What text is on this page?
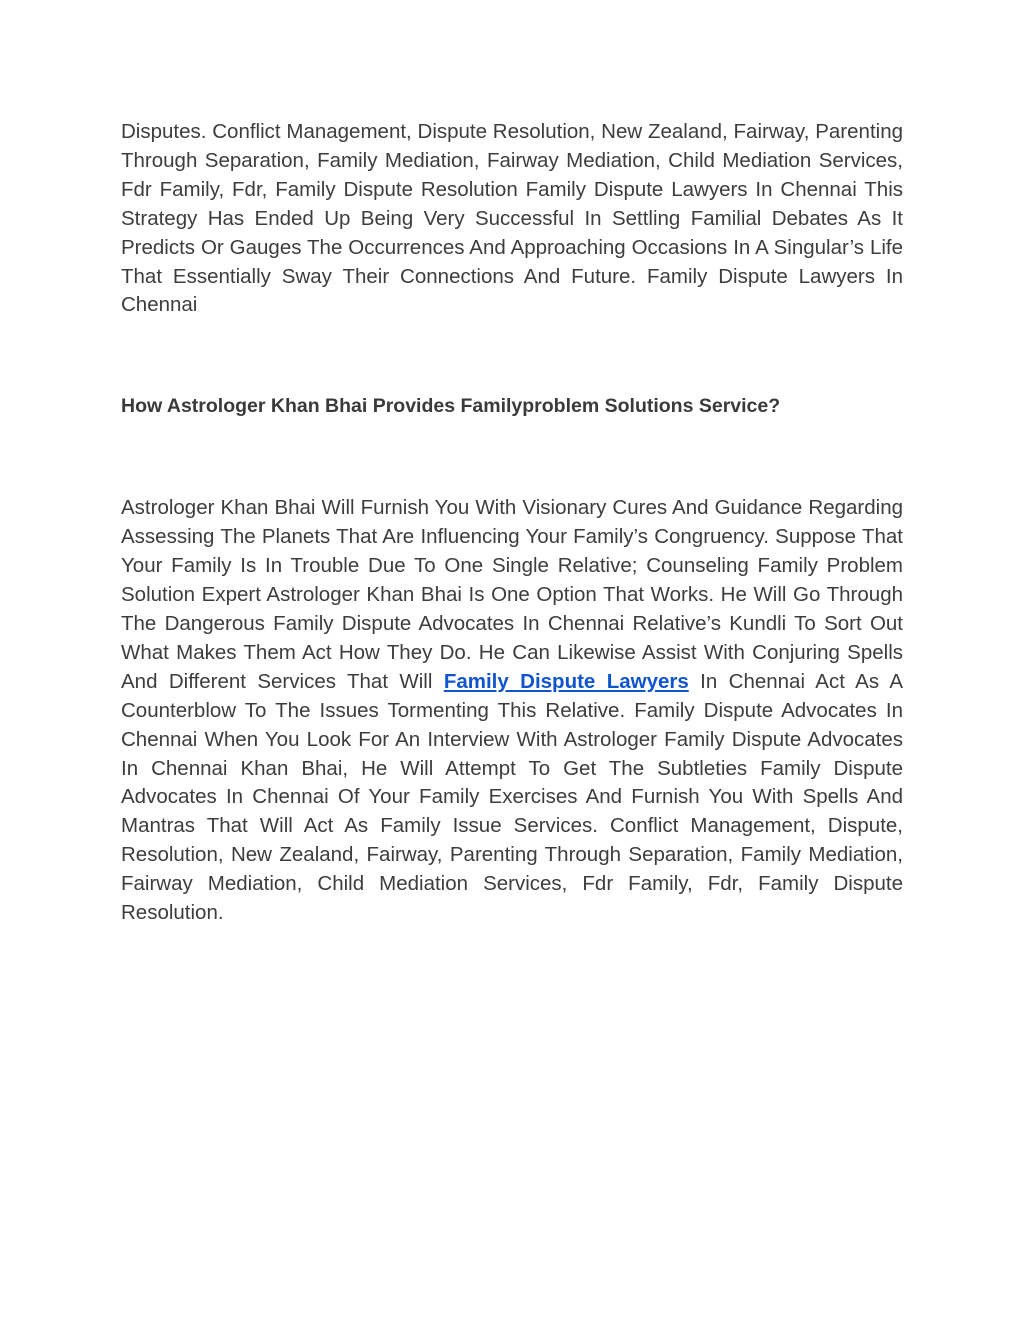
Disputes. Conflict Management, Dispute Resolution, New Zealand, Fairway, Parenting Through Separation, Family Mediation, Fairway Mediation, Child Mediation Services, Fdr Family, Fdr, Family Dispute Resolution Family Dispute Lawyers In Chennai This Strategy Has Ended Up Being Very Successful In Settling Familial Debates As It Predicts Or Gauges The Occurrences And Approaching Occasions In A Singular’s Life That Essentially Sway Their Connections And Future. Family Dispute Lawyers In Chennai

How Astrologer Khan Bhai Provides Familyproblem Solutions Service?

Astrologer Khan Bhai Will Furnish You With Visionary Cures And Guidance Regarding Assessing The Planets That Are Influencing Your Family’s Congruency. Suppose That Your Family Is In Trouble Due To One Single Relative; Counseling Family Problem Solution Expert Astrologer Khan Bhai Is One Option That Works. He Will Go Through The Dangerous Family Dispute Advocates In Chennai Relative’s Kundli To Sort Out What Makes Them Act How They Do. He Can Likewise Assist With Conjuring Spells And Different Services That Will Family Dispute Lawyers In Chennai Act As A Counterblow To The Issues Tormenting This Relative. Family Dispute Advocates In Chennai When You Look For An Interview With Astrologer Family Dispute Advocates In Chennai Khan Bhai, He Will Attempt To Get The Subtleties Family Dispute Advocates In Chennai Of Your Family Exercises And Furnish You With Spells And Mantras That Will Act As Family Issue Services. Conflict Management, Dispute, Resolution, New Zealand, Fairway, Parenting Through Separation, Family Mediation, Fairway Mediation, Child Mediation Services, Fdr Family, Fdr, Family Dispute Resolution.
